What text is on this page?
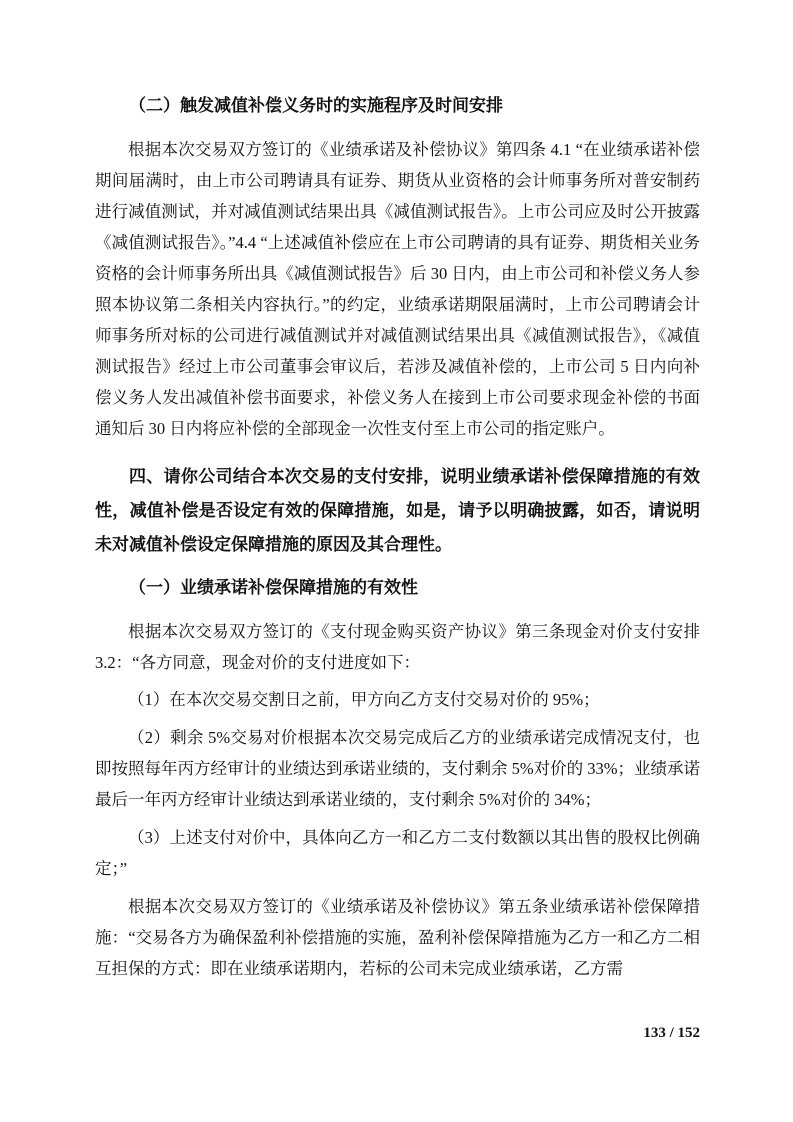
（二）触发减值补偿义务时的实施程序及时间安排

根据本次交易双方签订的《业绩承诺及补偿协议》第四条 4.1 “在业绩承诺补偿期间届满时，由上市公司聘请具有证券、期货从业资格的会计师事务所对普安制药进行减值测试，并对减值测试结果出具《减值测试报告》。上市公司应及时公开披露《减值测试报告》。”4.4 “上述减值补偿应在上市公司聘请的具有证券、期货相关业务资格的会计师事务所出具《减值测试报告》后 30 日内，由上市公司和补偿义务人参照本协议第二条相关内容执行。”的约定，业绩承诺期限届满时，上市公司聘请会计师事务所对标的公司进行减值测试并对减值测试结果出具《减值测试报告》，《减值测试报告》经过上市公司董事会审议后，若涉及减值补偿的，上市公司 5 日内向补偿义务人发出减值补偿书面要求，补偿义务人在接到上市公司要求现金补偿的书面通知后 30 日内将应补偿的全部现金一次性支付至上市公司的指定账户。

四、请你公司结合本次交易的支付安排，说明业绩承诺补偿保障措施的有效性，减值补偿是否设定有效的保障措施，如是，请予以明确披露，如否，请说明未对减值补偿设定保障措施的原因及其合理性。

（一）业绩承诺补偿保障措施的有效性

根据本次交易双方签订的《支付现金购买资产协议》第三条现金对价支付安排 3.2：“各方同意，现金对价的支付进度如下：

（1）在本次交易交割日之前，甲方向乙方支付交易对价的 95%；

（2）剩余 5%交易对价根据本次交易完成后乙方的业绩承诺完成情况支付，也即按照每年丙方经审计的业绩达到承诺业绩的，支付剩余 5%对价的 33%；业绩承诺最后一年丙方经审计业绩达到承诺业绩的，支付剩余 5%对价的 34%；

（3）上述支付对价中，具体向乙方一和乙方二支付数额以其出售的股权比例确定；”

根据本次交易双方签订的《业绩承诺及补偿协议》第五条业绩承诺补偿保障措施：“交易各方为确保盈利补偿措施的实施，盈利补偿保障措施为乙方一和乙方二相互担保的方式：即在业绩承诺期内，若标的公司未完成业绩承诺，乙方需

133 / 152
